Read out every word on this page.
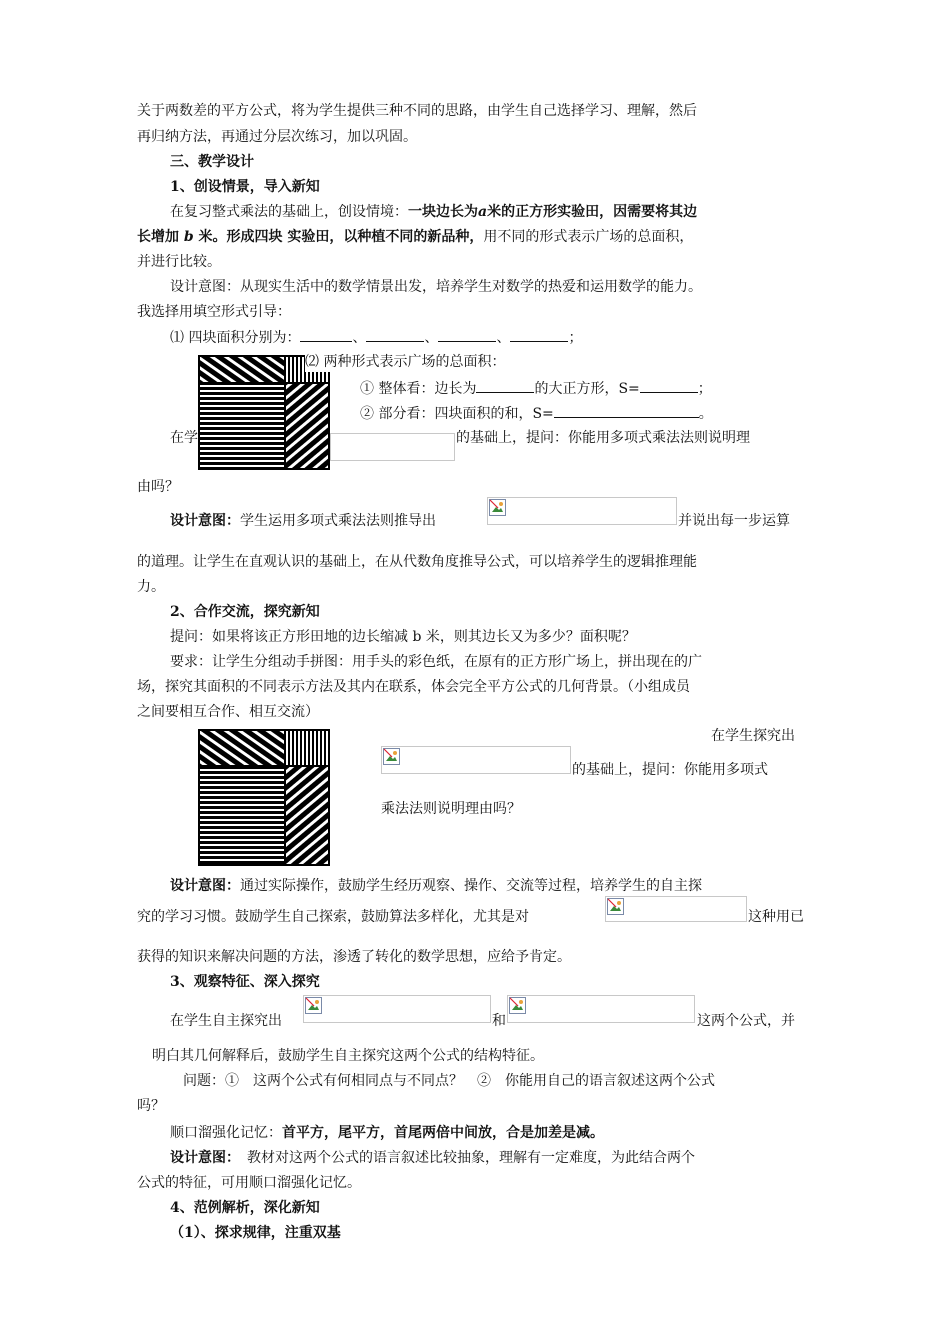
关于两数差的平方公式，将为学生提供三种不同的思路，由学生自己选择学习、理解，然后
再归纳方法，再通过分层次练习，加以巩固。
三、教学设计
1、创设情景，导入新知
在复习整式乘法的基础上，创设情境：一块边长为a米的正方形实验田，因需要将其边
长增加 b 米。形成四块 实验田，以种植不同的新品种，用不同的形式表示广场的总面积，
并进行比较。
设计意图：从现实生活中的数学情景出发，培养学生对数学的热爱和运用数学的能力。
我选择用填空形式引导：
⑴ 四块面积分别为：	、	、	、	；
⑵ 两种形式表示广场的总面积：
① 整体看：边长为	的大正方形，S=	；
② 部分看：四块面积的和，S=	。
在学	的基础上，提问：你能用多项式乘法法则说明理
由吗？
设计意图：学生运用多项式乘法法则推导出	并说出每一步运算
的道理。让学生在直观认识的基础上，在从代数角度推导公式，可以培养学生的逻辑推理能
力。
2、合作交流，探究新知
提问：如果将该正方形田地的边长缩减 b 米，则其边长又为多少？面积呢？
要求：让学生分组动手拼图：用手头的彩色纸，在原有的正方形广场上，拼出现在的广
场，探究其面积的不同表示方法及其内在联系，体会完全平方公式的几何背景。（小组成员
之间要相互合作、相互交流）
在学生探究出
的基础上，提问：你能用多项式
乘法法则说明理由吗？
设计意图：通过实际操作，鼓励学生经历观察、操作、交流等过程，培养学生的自主探
究的学习习惯。鼓励学生自己探索，鼓励算法多样化，尤其是对	这种用已
获得的知识来解决问题的方法，渗透了转化的数学思想，应给予肯定。
3、观察特征、深入探究
在学生自主探究出	和	这两个公式，并
明白其几何解释后，鼓励学生自主探究这两个公式的结构特征。
问题：①　这两个公式有何相同点与不同点？　②　你能用自己的语言叙述这两个公式
吗？
顺口溜强化记忆：首平方，尾平方，首尾两倍中间放，合是加差是减。
设计意图：　教材对这两个公式的语言叙述比较抽象，理解有一定难度，为此结合两个
公式的特征，可用顺口溜强化记忆。
4、范例解析，深化新知
（1）、探求规律，注重双基
